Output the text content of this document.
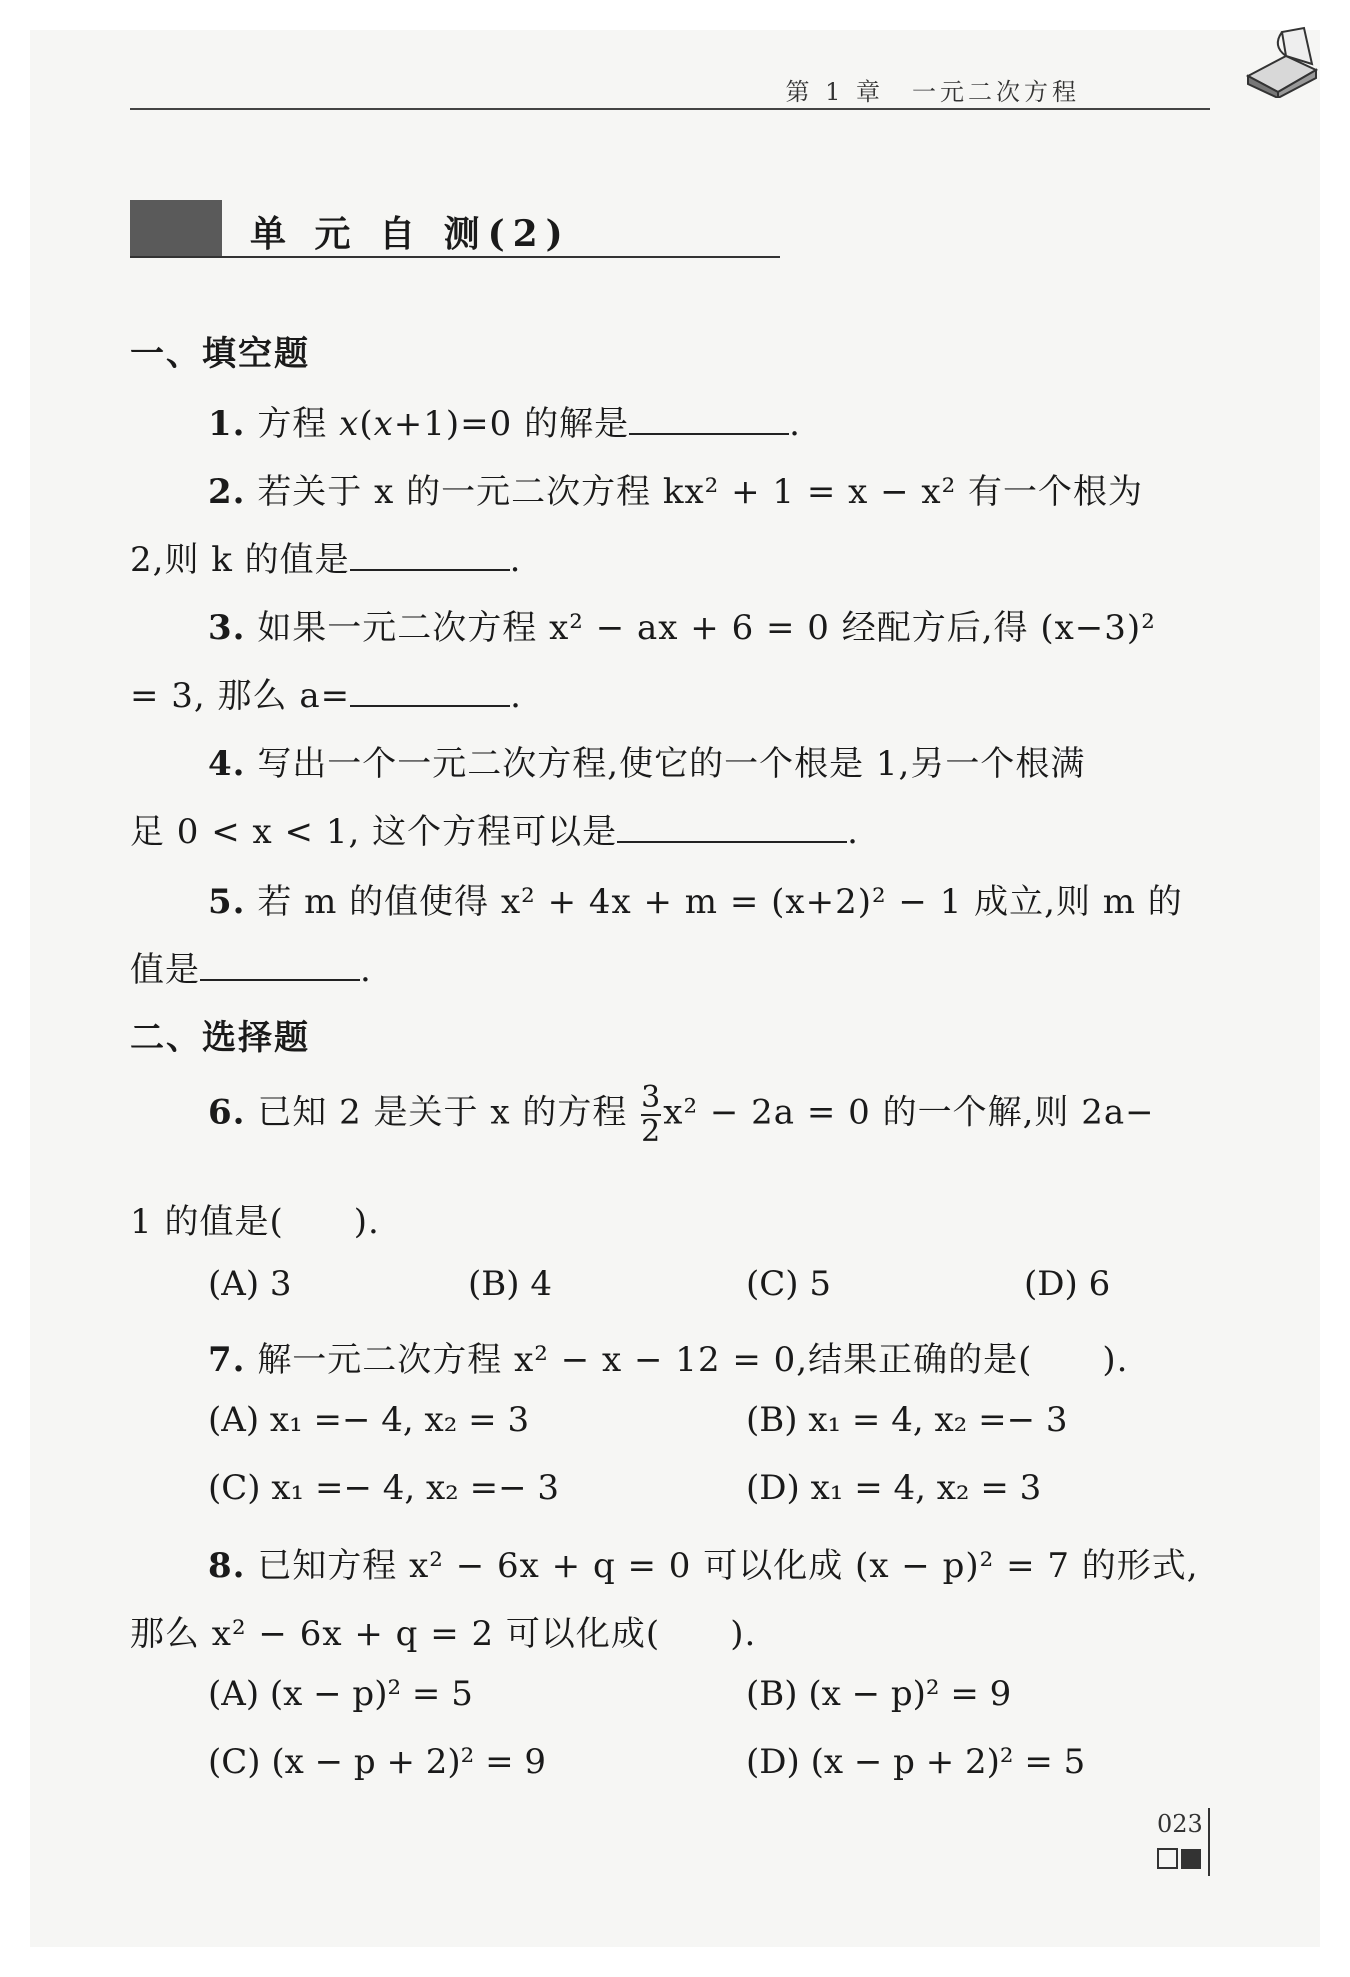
第 1 章　一元二次方程
单 元 自 测(2)
一、填空题
1. 方程 x(x+1)=0 的解是	.
2. 若关于 x 的一元二次方程 kx² + 1 = x − x² 有一个根为
2,则 k 的值是	.
3. 如果一元二次方程 x² − ax + 6 = 0 经配方后,得 (x−3)²
= 3, 那么 a=	.
4. 写出一个一元二次方程,使它的一个根是 1,另一个根满
足 0 < x < 1, 这个方程可以是	.
5. 若 m 的值使得 x² + 4x + m = (x+2)² − 1 成立,则 m 的
值是	.
二、选择题
6. 已知 2 是关于 x 的方程 $\frac{3}{2} x^2 - 2a = 0$ 的一个解,则 2a−
1 的值是(　　).
(A) 3	(B) 4	(C) 5	(D) 6
7. 解一元二次方程 x² − x − 12 = 0,结果正确的是(　　).
(A) x₁ =− 4, x₂ = 3	(B) x₁ = 4, x₂ =− 3
(C) x₁ =− 4, x₂ =− 3	(D) x₁ = 4, x₂ = 3
8. 已知方程 x² − 6x + q = 0 可以化成 (x − p)² = 7 的形式,
那么 x² − 6x + q = 2 可以化成(　　).
(A) (x − p)² = 5	(B) (x − p)² = 9
(C) (x − p + 2)² = 9	(D) (x − p + 2)² = 5
023
